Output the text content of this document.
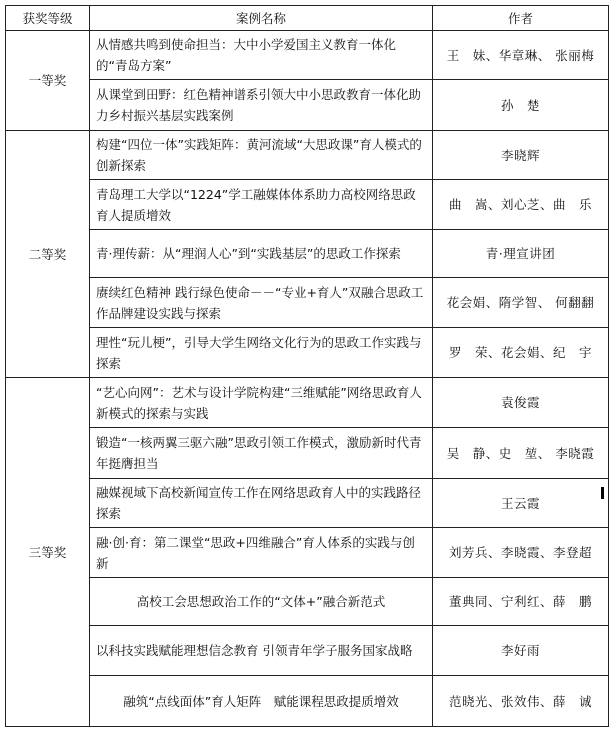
获奖等级	案例名称	作者
一等奖	从情感共鸣到使命担当：大中小学爱国主义教育一体化的“青岛方案”	王　妹、华章琳、 张丽梅
	从课堂到田野：红色精神谱系引领大中小思政教育一体化助力乡村振兴基层实践案例	孙　楚
二等奖	构建“四位一体”实践矩阵：黄河流域“大思政课”育人模式的创新探索	李晓辉
	青岛理工大学以“1224”学工融媒体体系助力高校网络思政育人提质增效	曲　嵩、刘心芝、曲　乐
	青·理传薪：从“理润人心”到“实践基层”的思政工作探索	青·理宣讲团
	赓续红色精神 践行绿色使命－－“专业+育人”双融合思政工作品牌建设实践与探索	花会娟、隋学智、 何翻翻
	理性“玩儿梗”，引导大学生网络文化行为的思政工作实践与探索	罗　荣、花会娟、纪　宇
三等奖	“艺心向网”：艺术与设计学院构建“三维赋能”网络思政育人新模式的探索与实践	袁俊霞
	锻造“一核两翼三驱六融”思政引领工作模式，激励新时代青年挺膺担当	吴　静、史　堃、 李晓霞
	融媒视域下高校新闻宣传工作在网络思政育人中的实践路径探索	王云霞
	融·创·育：第二课堂“思政+四维融合”育人体系的实践与创新	刘芳兵、李晓霞、李登超
	高校工会思想政治工作的“文体+”融合新范式	董典同、宁利红、薛　鹏
	以科技实践赋能理想信念教育 引领青年学子服务国家战略	李好雨
	融筑“点线面体”育人矩阵　赋能课程思政提质增效	范晓光、张效伟、薛　诚
